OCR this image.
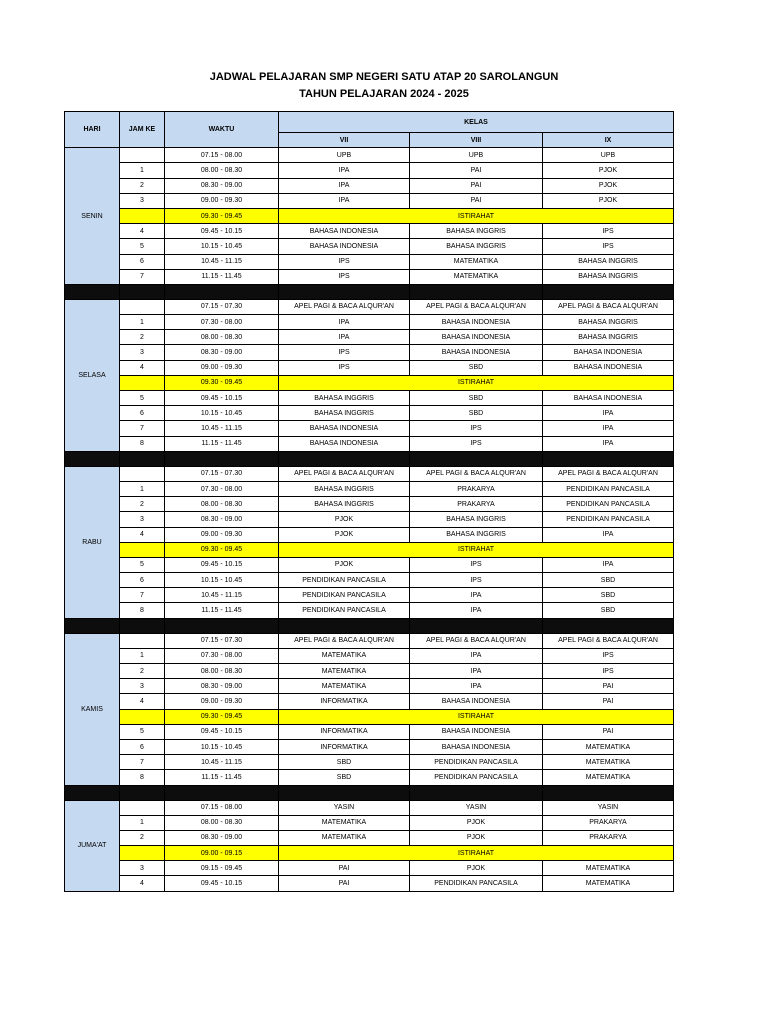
JADWAL PELAJARAN SMP NEGERI SATU ATAP 20 SAROLANGUN
TAHUN PELAJARAN 2024 - 2025
HARI	JAM KE	WAKTU	KELAS		
			VII	VIII	IX
SENIN		07.15 - 08.00	UPB	UPB	UPB
	1	08.00 - 08.30	IPA	PAI	PJOK
	2	08.30 - 09.00	IPA	PAI	PJOK
	3	09.00 - 09.30	IPA	PAI	PJOK
		09.30 - 09.45	ISTIRAHAT		
	4	09.45 - 10.15	BAHASA INDONESIA	BAHASA INGGRIS	IPS
	5	10.15 - 10.45	BAHASA INDONESIA	BAHASA INGGRIS	IPS
	6	10.45 - 11.15	IPS	MATEMATIKA	BAHASA INGGRIS
	7	11.15 - 11.45	IPS	MATEMATIKA	BAHASA INGGRIS

SELASA		07.15 - 07.30	APEL PAGI & BACA ALQUR'AN	APEL PAGI & BACA ALQUR'AN	APEL PAGI & BACA ALQUR'AN
	1	07.30 - 08.00	IPA	BAHASA INDONESIA	BAHASA INGGRIS
	2	08.00 - 08.30	IPA	BAHASA INDONESIA	BAHASA INGGRIS
	3	08.30 - 09.00	IPS	BAHASA INDONESIA	BAHASA INDONESIA
	4	09.00 - 09.30	IPS	SBD	BAHASA INDONESIA
		09.30 - 09.45	ISTIRAHAT		
	5	09.45 - 10.15	BAHASA INGGRIS	SBD	BAHASA INDONESIA
	6	10.15 - 10.45	BAHASA INGGRIS	SBD	IPA
	7	10.45 - 11.15	BAHASA INDONESIA	IPS	IPA
	8	11.15 - 11.45	BAHASA INDONESIA	IPS	IPA

RABU		07.15 - 07.30	APEL PAGI & BACA ALQUR'AN	APEL PAGI & BACA ALQUR'AN	APEL PAGI & BACA ALQUR'AN
	1	07.30 - 08.00	BAHASA INGGRIS	PRAKARYA	PENDIDIKAN PANCASILA
	2	08.00 - 08.30	BAHASA INGGRIS	PRAKARYA	PENDIDIKAN PANCASILA
	3	08.30 - 09.00	PJOK	BAHASA INGGRIS	PENDIDIKAN PANCASILA
	4	09.00 - 09.30	PJOK	BAHASA INGGRIS	IPA
		09.30 - 09.45	ISTIRAHAT		
	5	09.45 - 10.15	PJOK	IPS	IPA
	6	10.15 - 10.45	PENDIDIKAN PANCASILA	IPS	SBD
	7	10.45 - 11.15	PENDIDIKAN PANCASILA	IPA	SBD
	8	11.15 - 11.45	PENDIDIKAN PANCASILA	IPA	SBD

KAMIS		07.15 - 07.30	APEL PAGI & BACA ALQUR'AN	APEL PAGI & BACA ALQUR'AN	APEL PAGI & BACA ALQUR'AN
	1	07.30 - 08.00	MATEMATIKA	IPA	IPS
	2	08.00 - 08.30	MATEMATIKA	IPA	IPS
	3	08.30 - 09.00	MATEMATIKA	IPA	PAI
	4	09.00 - 09.30	INFORMATIKA	BAHASA INDONESIA	PAI
		09.30 - 09.45	ISTIRAHAT		
	5	09.45 - 10.15	INFORMATIKA	BAHASA INDONESIA	PAI
	6	10.15 - 10.45	INFORMATIKA	BAHASA INDONESIA	MATEMATIKA
	7	10.45 - 11.15	SBD	PENDIDIKAN PANCASILA	MATEMATIKA
	8	11.15 - 11.45	SBD	PENDIDIKAN PANCASILA	MATEMATIKA

JUMA'AT		07.15 - 08.00	YASIN	YASIN	YASIN
	1	08.00 - 08.30	MATEMATIKA	PJOK	PRAKARYA
	2	08.30 - 09.00	MATEMATIKA	PJOK	PRAKARYA
		09.00 - 09.15	ISTIRAHAT		
	3	09.15 - 09.45	PAI	PJOK	MATEMATIKA
	4	09.45 - 10.15	PAI	PENDIDIKAN PANCASILA	MATEMATIKA
